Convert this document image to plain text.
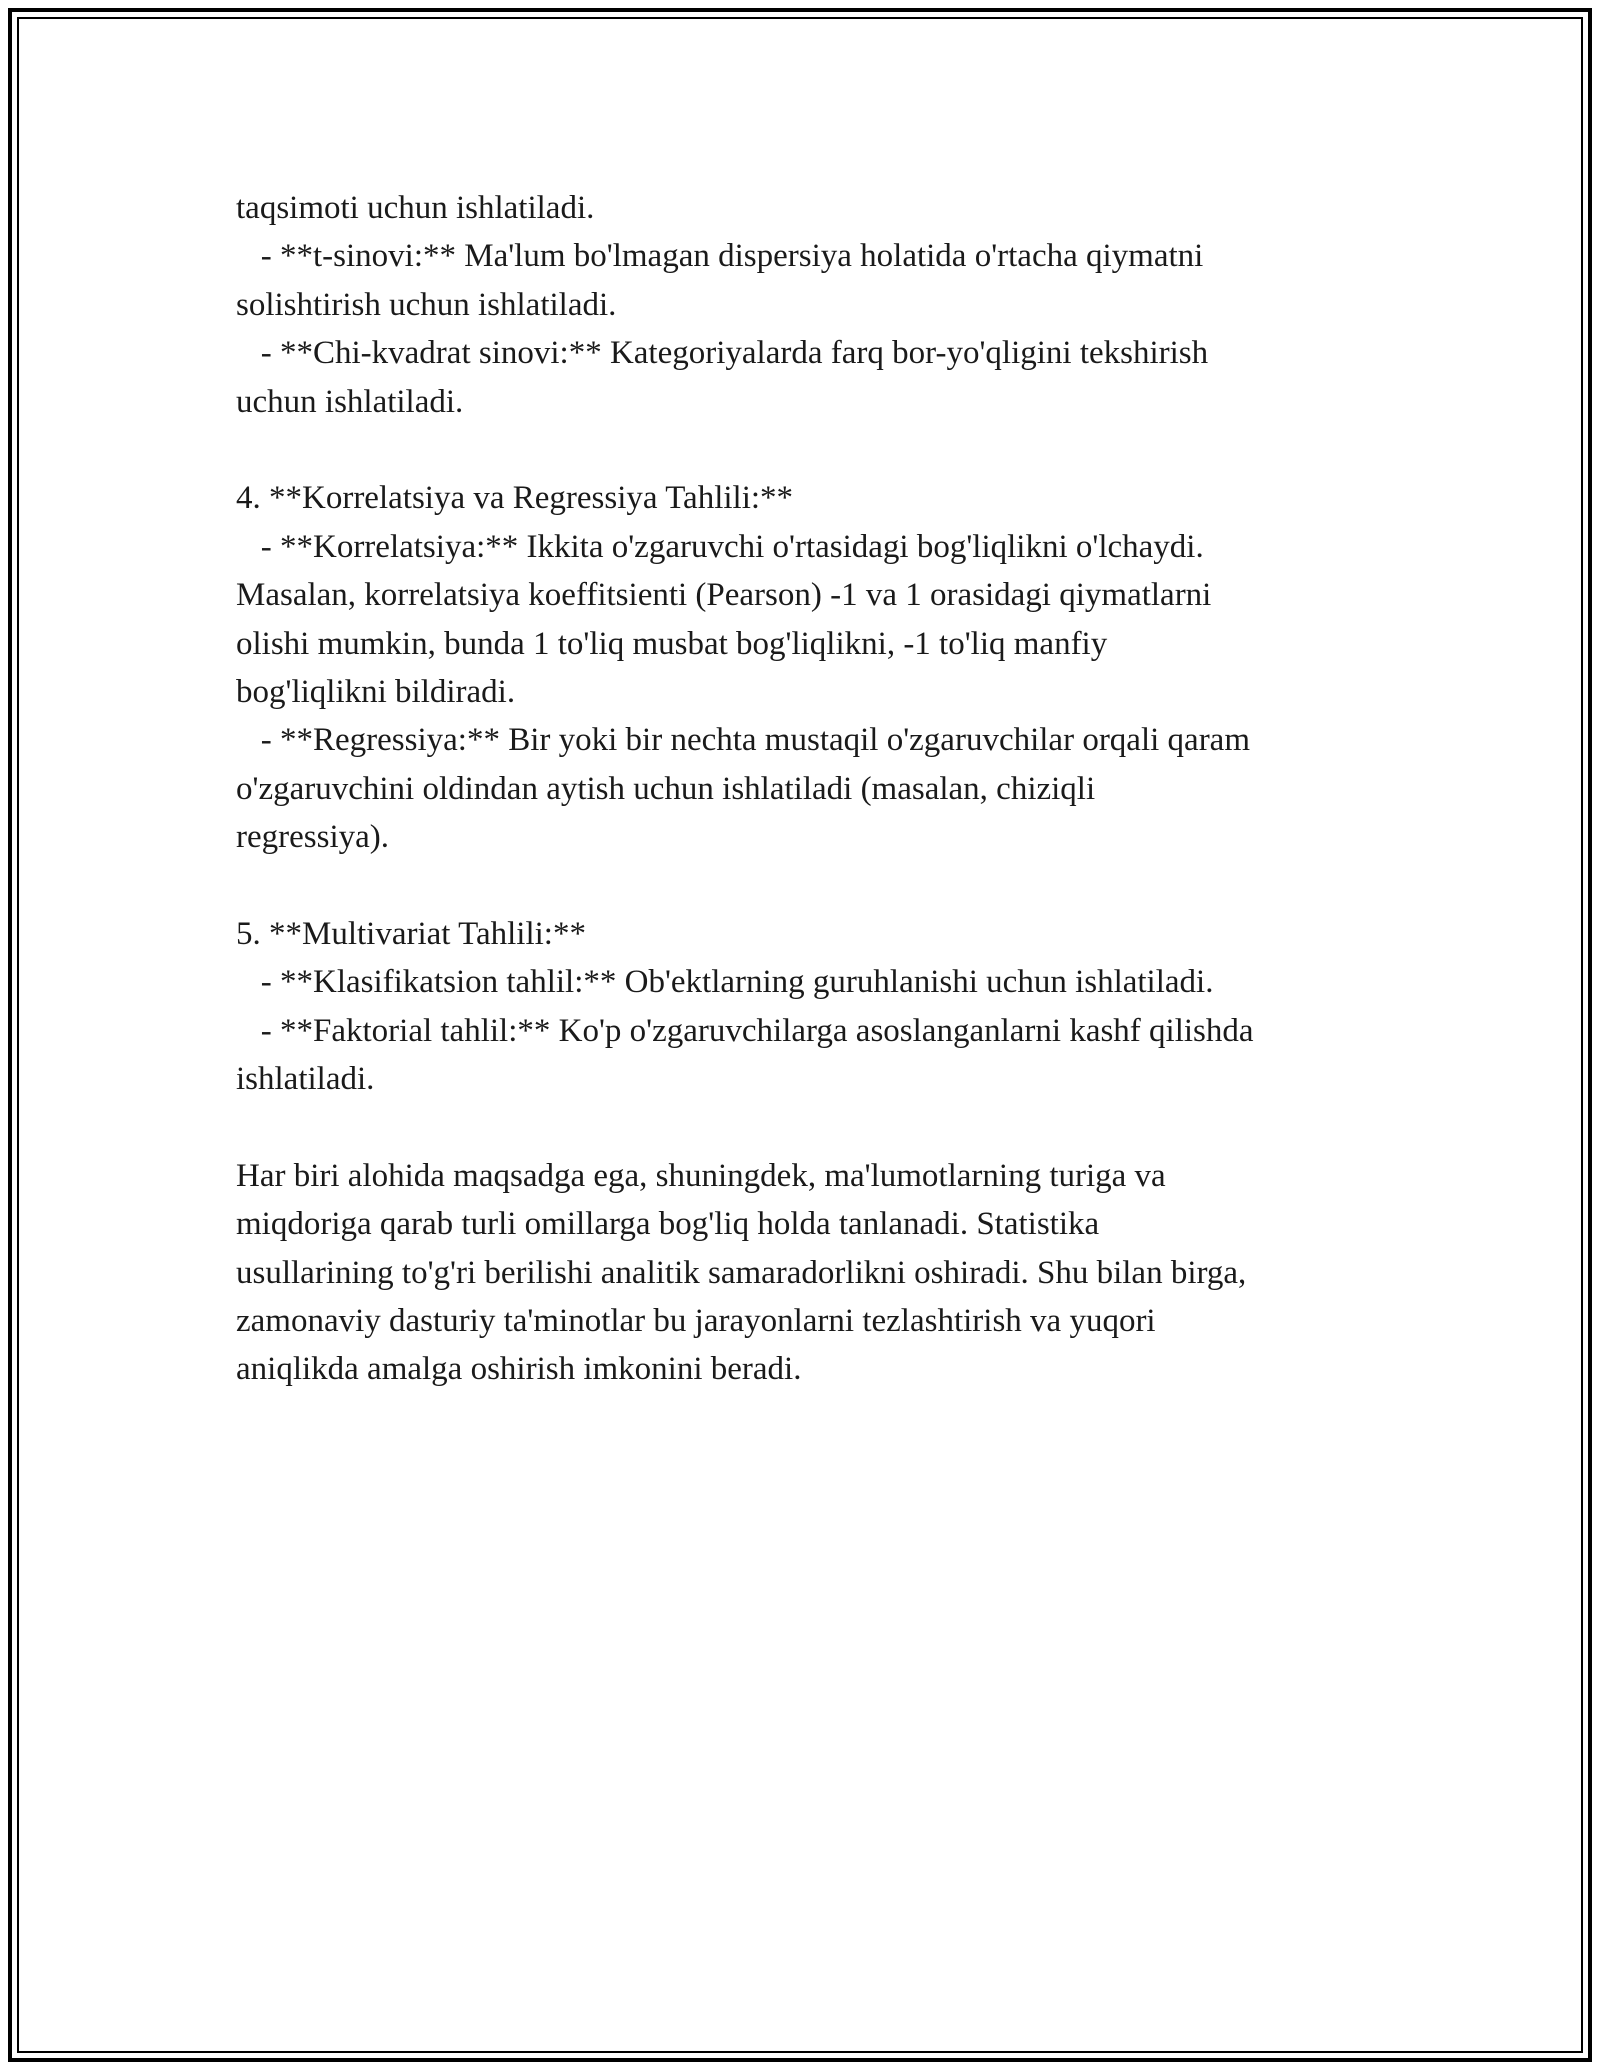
taqsimoti uchun ishlatiladi.
- **t-sinovi:** Ma'lum bo'lmagan dispersiya holatida o'rtacha qiymatni
solishtirish uchun ishlatiladi.
- **Chi-kvadrat sinovi:** Kategoriyalarda farq bor-yo'qligini tekshirish
uchun ishlatiladi.
4. **Korrelatsiya va Regressiya Tahlili:**
- **Korrelatsiya:** Ikkita o'zgaruvchi o'rtasidagi bog'liqlikni o'lchaydi.
Masalan, korrelatsiya koeffitsienti (Pearson) -1 va 1 orasidagi qiymatlarni
olishi mumkin, bunda 1 to'liq musbat bog'liqlikni, -1 to'liq manfiy
bog'liqlikni bildiradi.
- **Regressiya:** Bir yoki bir nechta mustaqil o'zgaruvchilar orqali qaram
o'zgaruvchini oldindan aytish uchun ishlatiladi (masalan, chiziqli
regressiya).
5. **Multivariat Tahlili:**
- **Klasifikatsion tahlil:** Ob'ektlarning guruhlanishi uchun ishlatiladi.
- **Faktorial tahlil:** Ko'p o'zgaruvchilarga asoslanganlarni kashf qilishda
ishlatiladi.
Har biri alohida maqsadga ega, shuningdek, ma'lumotlarning turiga va
miqdoriga qarab turli omillarga bog'liq holda tanlanadi. Statistika
usullarining to'g'ri berilishi analitik samaradorlikni oshiradi. Shu bilan birga,
zamonaviy dasturiy ta'minotlar bu jarayonlarni tezlashtirish va yuqori
aniqlikda amalga oshirish imkonini beradi.
